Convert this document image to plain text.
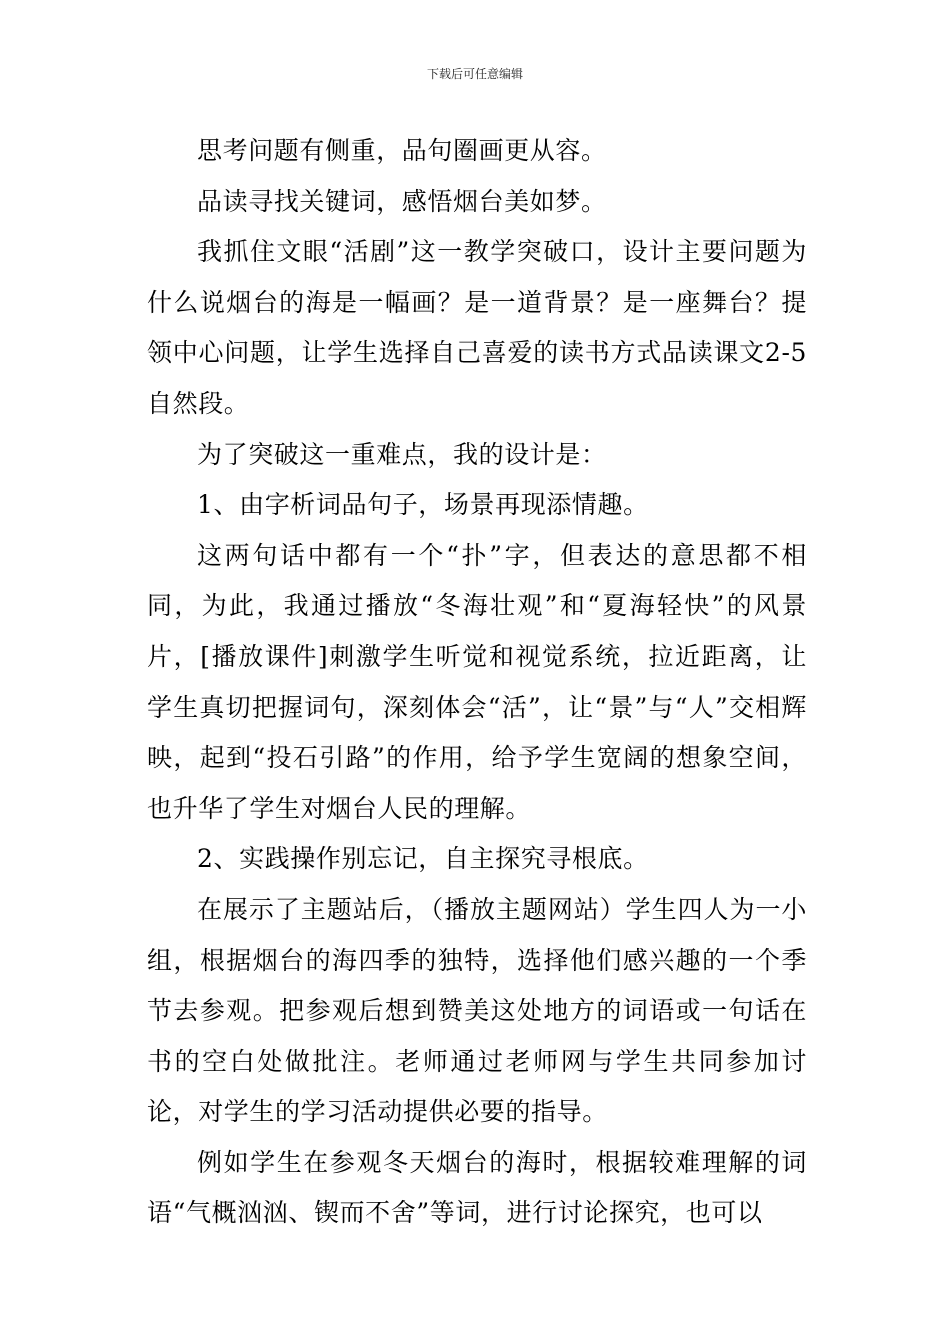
下载后可任意编辑

思考问题有侧重，品句圈画更从容。

品读寻找关键词，感悟烟台美如梦。

我抓住文眼“活剧”这一教学突破口，设计主要问题为什么说烟台的海是一幅画？是一道背景？是一座舞台？提领中心问题，让学生选择自己喜爱的读书方式品读课文2-5自然段。

为了突破这一重难点，我的设计是：

1、由字析词品句子，场景再现添情趣。

这两句话中都有一个“扑”字，但表达的意思都不相同，为此，我通过播放“冬海壮观”和“夏海轻快”的风景片，[播放课件]刺激学生听觉和视觉系统，拉近距离，让学生真切把握词句，深刻体会“活”，让“景”与“人”交相辉映，起到“投石引路”的作用，给予学生宽阔的想象空间，也升华了学生对烟台人民的理解。

2、实践操作别忘记，自主探究寻根底。

在展示了主题站后，（播放主题网站）学生四人为一小组，根据烟台的海四季的独特，选择他们感兴趣的一个季节去参观。把参观后想到赞美这处地方的词语或一句话在书的空白处做批注。老师通过老师网与学生共同参加讨论，对学生的学习活动提供必要的指导。

例如学生在参观冬天烟台的海时，根据较难理解的词语“气概汹汹、锲而不舍”等词，进行讨论探究，也可以
